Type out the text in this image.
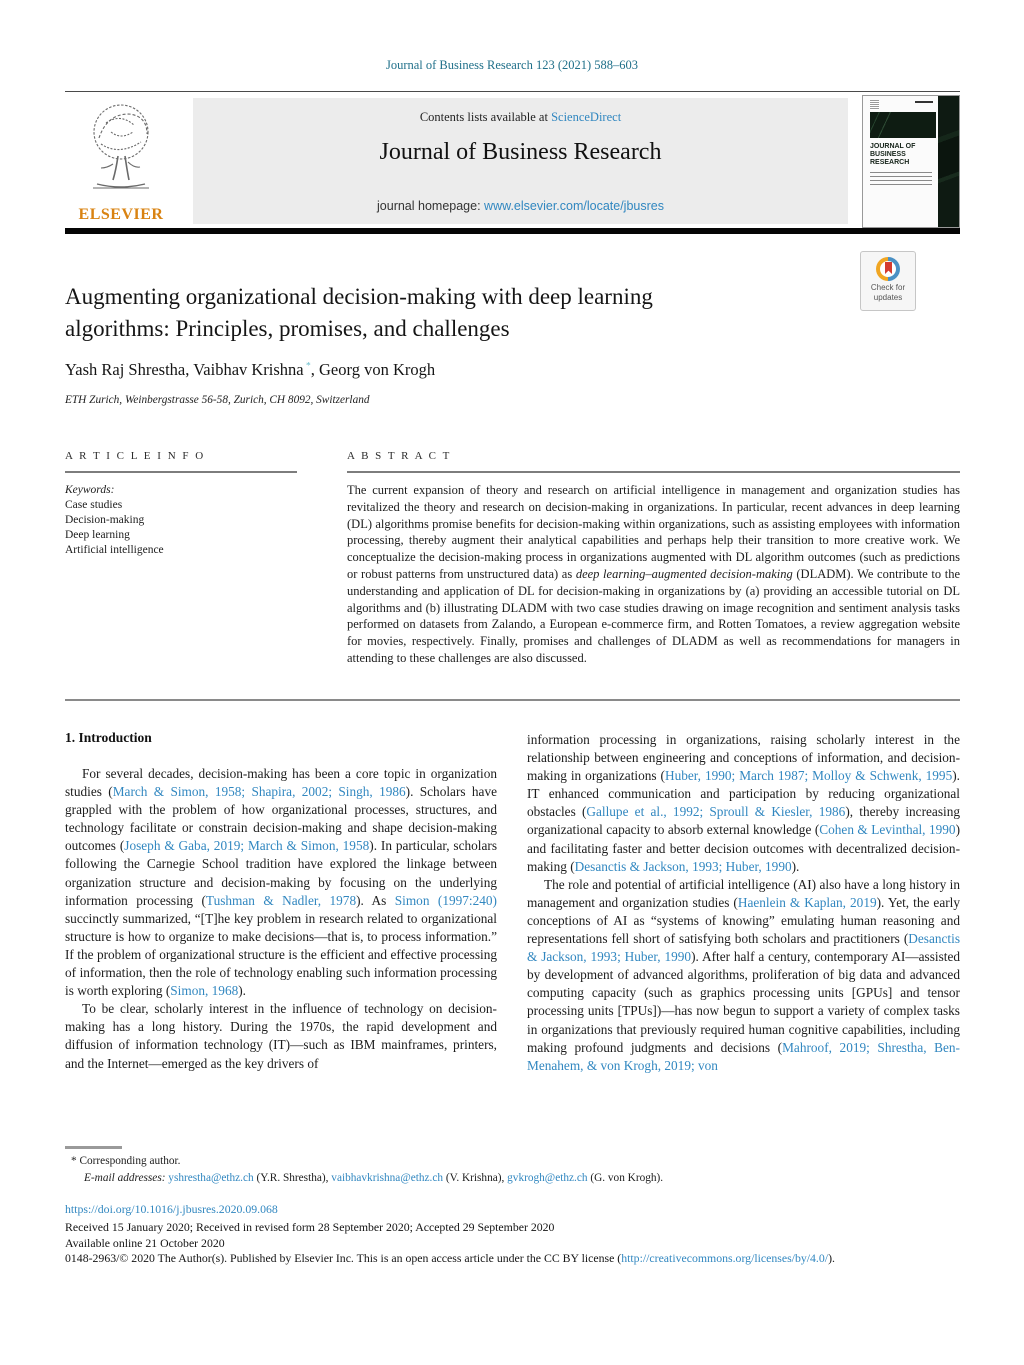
Journal of Business Research 123 (2021) 588–603
ELSEVIER
Contents lists available at ScienceDirect
Journal of Business Research
journal homepage: www.elsevier.com/locate/jbusres
JOURNAL OF BUSINESS RESEARCH
Check for
updates
Augmenting organizational decision-making with deep learning
algorithms: Principles, promises, and challenges
Yash Raj Shrestha, Vaibhav Krishna *, Georg von Krogh
ETH Zurich, Weinbergstrasse 56-58, Zurich, CH 8092, Switzerland
A R T I C L E I N F O
Keywords:
Case studies
Decision-making
Deep learning
Artificial intelligence
A B S T R A C T
The current expansion of theory and research on artificial intelligence in management and organization studies has revitalized the theory and research on decision-making in organizations. In particular, recent advances in deep learning (DL) algorithms promise benefits for decision-making within organizations, such as assisting employees with information processing, thereby augment their analytical capabilities and perhaps help their transition to more creative work. We conceptualize the decision-making process in organizations augmented with DL algorithm outcomes (such as predictions or robust patterns from unstructured data) as deep learning–augmented decision-making (DLADM). We contribute to the understanding and application of DL for decision-making in organizations by (a) providing an accessible tutorial on DL algorithms and (b) illustrating DLADM with two case studies drawing on image recognition and sentiment analysis tasks performed on datasets from Zalando, a European e-commerce firm, and Rotten Tomatoes, a review aggregation website for movies, respectively. Finally, promises and challenges of DLADM as well as recommendations for managers in attending to these challenges are also discussed.
1. Introduction

For several decades, decision-making has been a core topic in organization studies (March & Simon, 1958; Shapira, 2002; Singh, 1986). Scholars have grappled with the problem of how organizational processes, structures, and technology facilitate or constrain decision-making and shape decision-making outcomes (Joseph & Gaba, 2019; March & Simon, 1958). In particular, scholars following the Carnegie School tradition have explored the linkage between organization structure and decision-making by focusing on the underlying information processing (Tushman & Nadler, 1978). As Simon (1997:240) succinctly summarized, “[T]he key problem in research related to organizational structure is how to organize to make decisions—that is, to process information.” If the problem of organizational structure is the efficient and effective processing of information, then the role of technology enabling such information processing is worth exploring (Simon, 1968).

To be clear, scholarly interest in the influence of technology on decision-making has a long history. During the 1970s, the rapid development and diffusion of information technology (IT)—such as IBM mainframes, printers, and the Internet—emerged as the key drivers of

information processing in organizations, raising scholarly interest in the relationship between engineering and conceptions of information, and decision-making in organizations (Huber, 1990; March 1987; Molloy & Schwenk, 1995). IT enhanced communication and participation by reducing organizational obstacles (Gallupe et al., 1992; Sproull & Kiesler, 1986), thereby increasing organizational capacity to absorb external knowledge (Cohen & Levinthal, 1990) and facilitating faster and better decision outcomes with decentralized decision-making (Desanctis & Jackson, 1993; Huber, 1990).

The role and potential of artificial intelligence (AI) also have a long history in management and organization studies (Haenlein & Kaplan, 2019). Yet, the early conceptions of AI as “systems of knowing” emulating human reasoning and representations fell short of satisfying both scholars and practitioners (Desanctis & Jackson, 1993; Huber, 1990). After half a century, contemporary AI—assisted by development of advanced algorithms, proliferation of big data and advanced computing capacity (such as graphics processing units [GPUs] and tensor processing units [TPUs])—has now begun to support a variety of complex tasks in organizations that previously required human cognitive capabilities, including making profound judgments and decisions (Mahroof, 2019; Shrestha, Ben-Menahem, & von Krogh, 2019; von

* Corresponding author.
E-mail addresses: yshrestha@ethz.ch (Y.R. Shrestha), vaibhavkrishna@ethz.ch (V. Krishna), gvkrogh@ethz.ch (G. von Krogh).
https://doi.org/10.1016/j.jbusres.2020.09.068
Received 15 January 2020; Received in revised form 28 September 2020; Accepted 29 September 2020
Available online 21 October 2020
0148-2963/© 2020 The Author(s). Published by Elsevier Inc. This is an open access article under the CC BY license (http://creativecommons.org/licenses/by/4.0/).
